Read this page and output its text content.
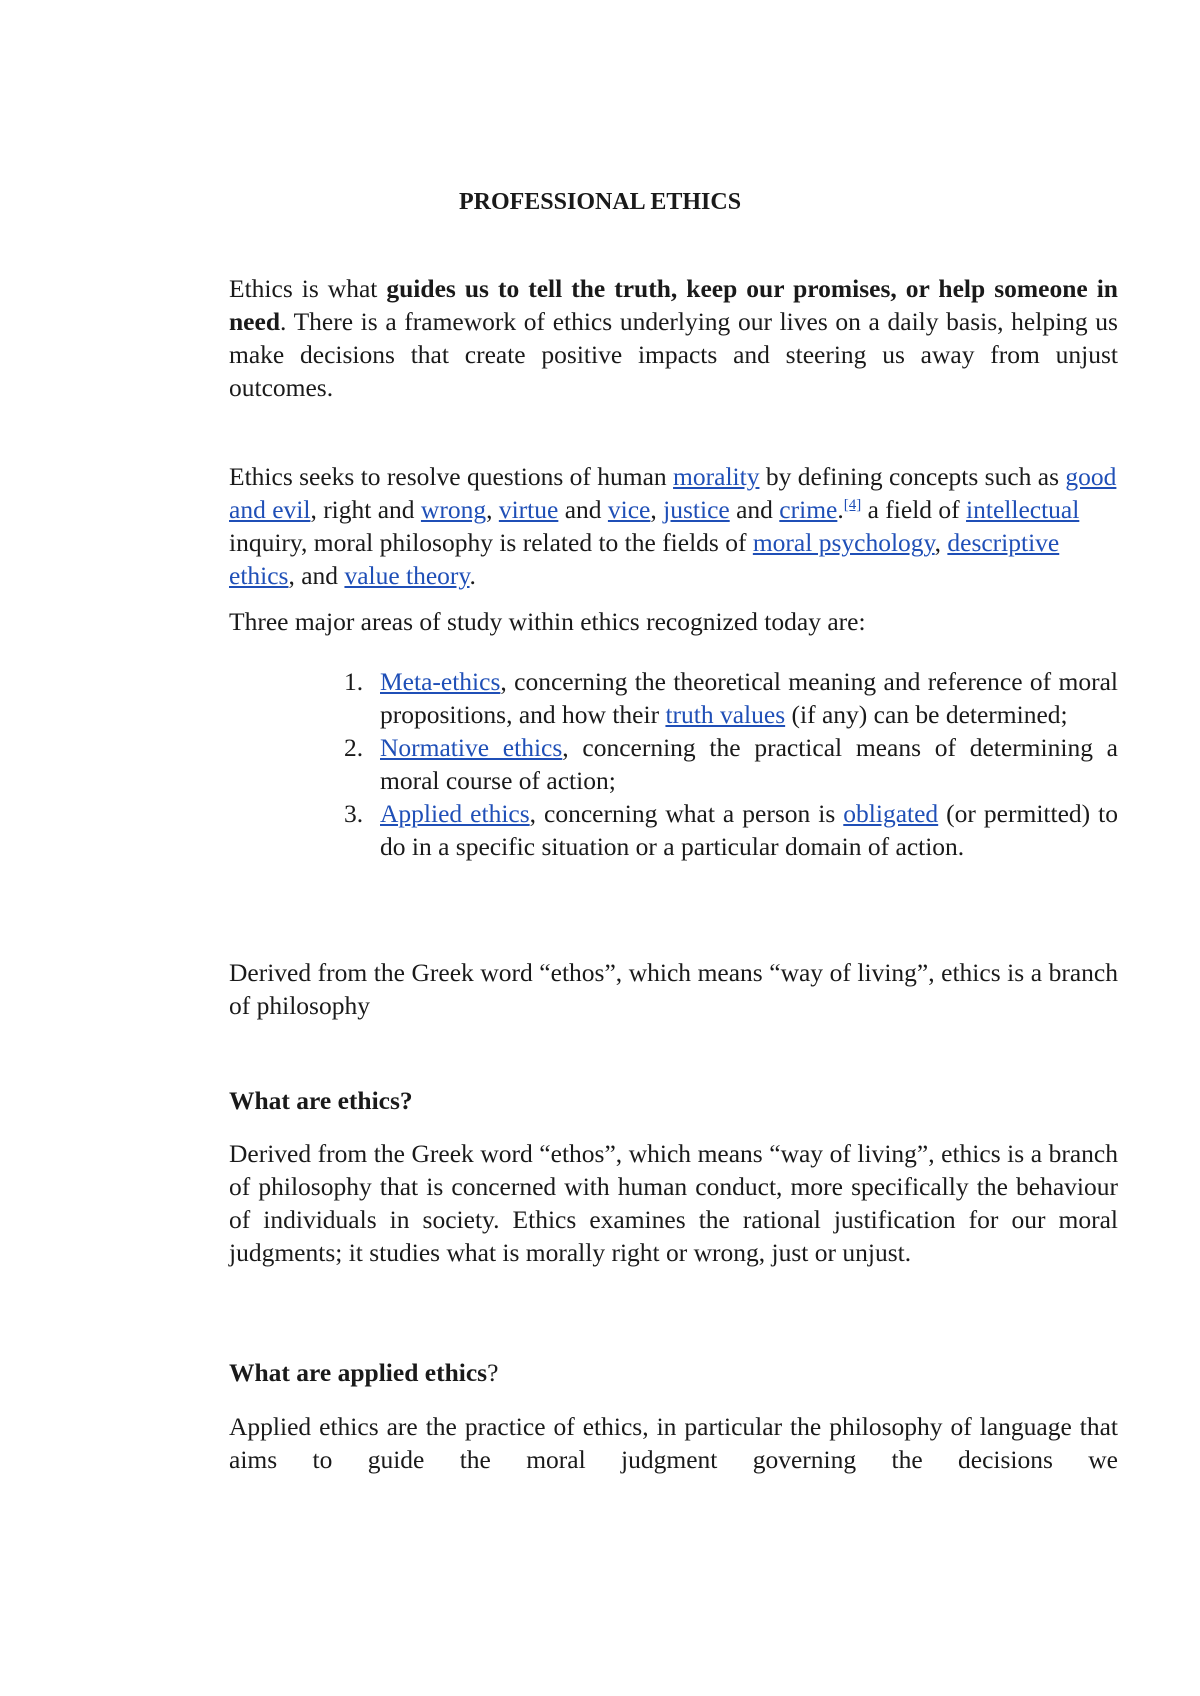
PROFESSIONAL ETHICS

Ethics is what guides us to tell the truth, keep our promises, or help someone in need. There is a framework of ethics underlying our lives on a daily basis, helping us make decisions that create positive impacts and steering us away from unjust outcomes.

Ethics seeks to resolve questions of human morality by defining concepts such as good and evil, right and wrong, virtue and vice, justice and crime.[4] a field of intellectual inquiry, moral philosophy is related to the fields of moral psychology, descriptive ethics, and value theory.

Three major areas of study within ethics recognized today are:

1. Meta-ethics, concerning the theoretical meaning and reference of moral propositions, and how their truth values (if any) can be determined;
2. Normative ethics, concerning the practical means of determining a moral course of action;
3. Applied ethics, concerning what a person is obligated (or permitted) to do in a specific situation or a particular domain of action.

Derived from the Greek word “ethos”, which means “way of living”, ethics is a branch of philosophy

What are ethics?

Derived from the Greek word “ethos”, which means “way of living”, ethics is a branch of philosophy that is concerned with human conduct, more specifically the behaviour of individuals in society. Ethics examines the rational justification for our moral judgments; it studies what is morally right or wrong, just or unjust.

What are applied ethics?

Applied ethics are the practice of ethics, in particular the philosophy of language that aims to guide the moral judgment governing the decisions we
